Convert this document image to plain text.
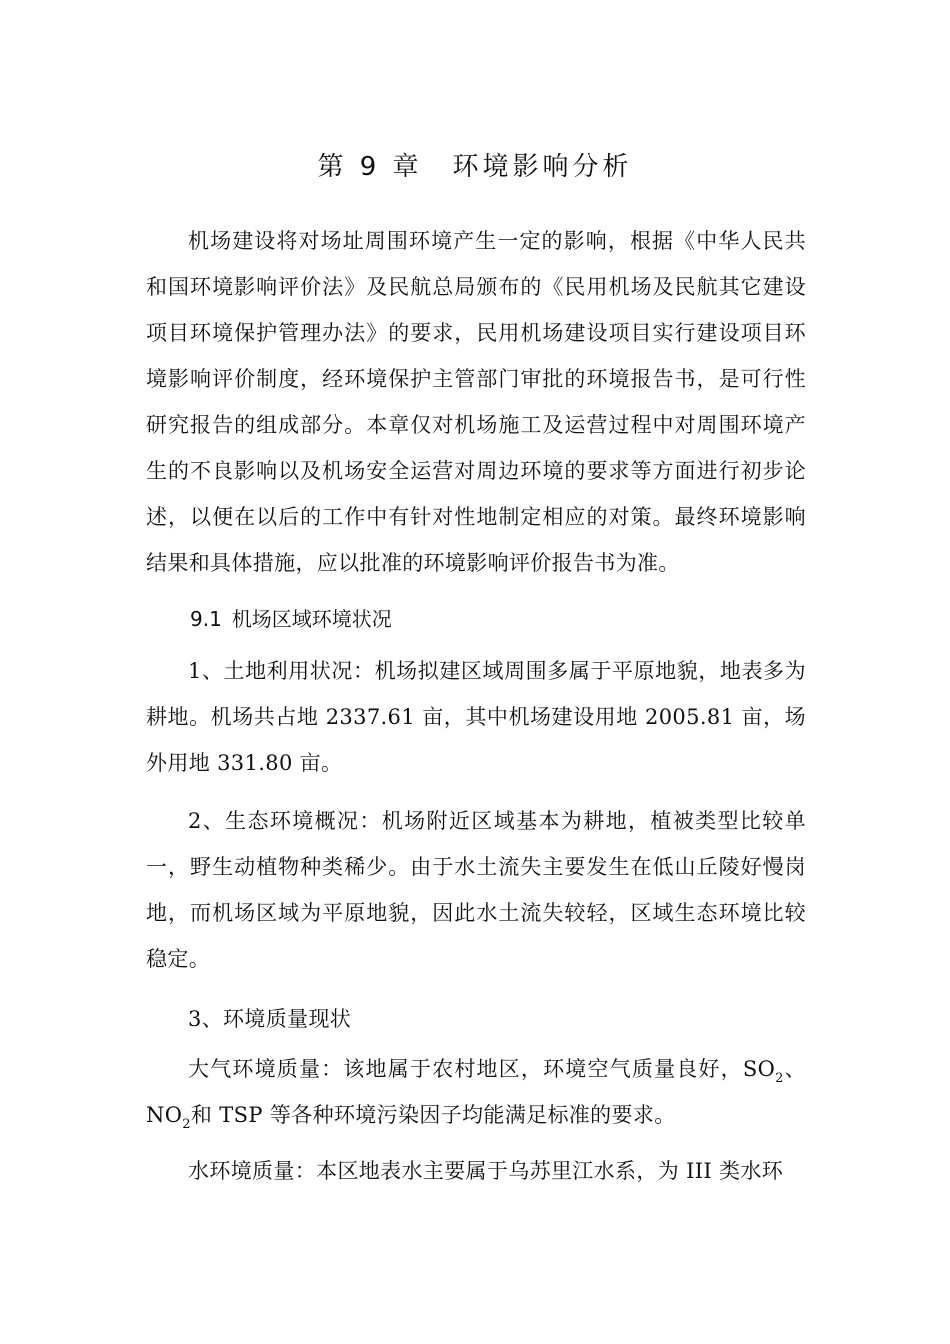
第 9 章 环境影响分析

机场建设将对场址周围环境产生一定的影响，根据《中华人民共和国环境影响评价法》及民航总局颁布的《民用机场及民航其它建设项目环境保护管理办法》的要求，民用机场建设项目实行建设项目环境影响评价制度，经环境保护主管部门审批的环境报告书，是可行性研究报告的组成部分。本章仅对机场施工及运营过程中对周围环境产生的不良影响以及机场安全运营对周边环境的要求等方面进行初步论述，以便在以后的工作中有针对性地制定相应的对策。最终环境影响结果和具体措施，应以批准的环境影响评价报告书为准。

9.1 机场区域环境状况

1、土地利用状况：机场拟建区域周围多属于平原地貌，地表多为耕地。机场共占地 2337.61 亩，其中机场建设用地 2005.81 亩，场外用地 331.80 亩。

2、生态环境概况：机场附近区域基本为耕地，植被类型比较单一，野生动植物种类稀少。由于水土流失主要发生在低山丘陵好慢岗地，而机场区域为平原地貌，因此水土流失较轻，区域生态环境比较稳定。

3、环境质量现状

大气环境质量：该地属于农村地区，环境空气质量良好，$SO_2$、$NO_2$和 TSP 等各种环境污染因子均能满足标准的要求。

水环境质量：本区地表水主要属于乌苏里江水系，为 III 类水环
